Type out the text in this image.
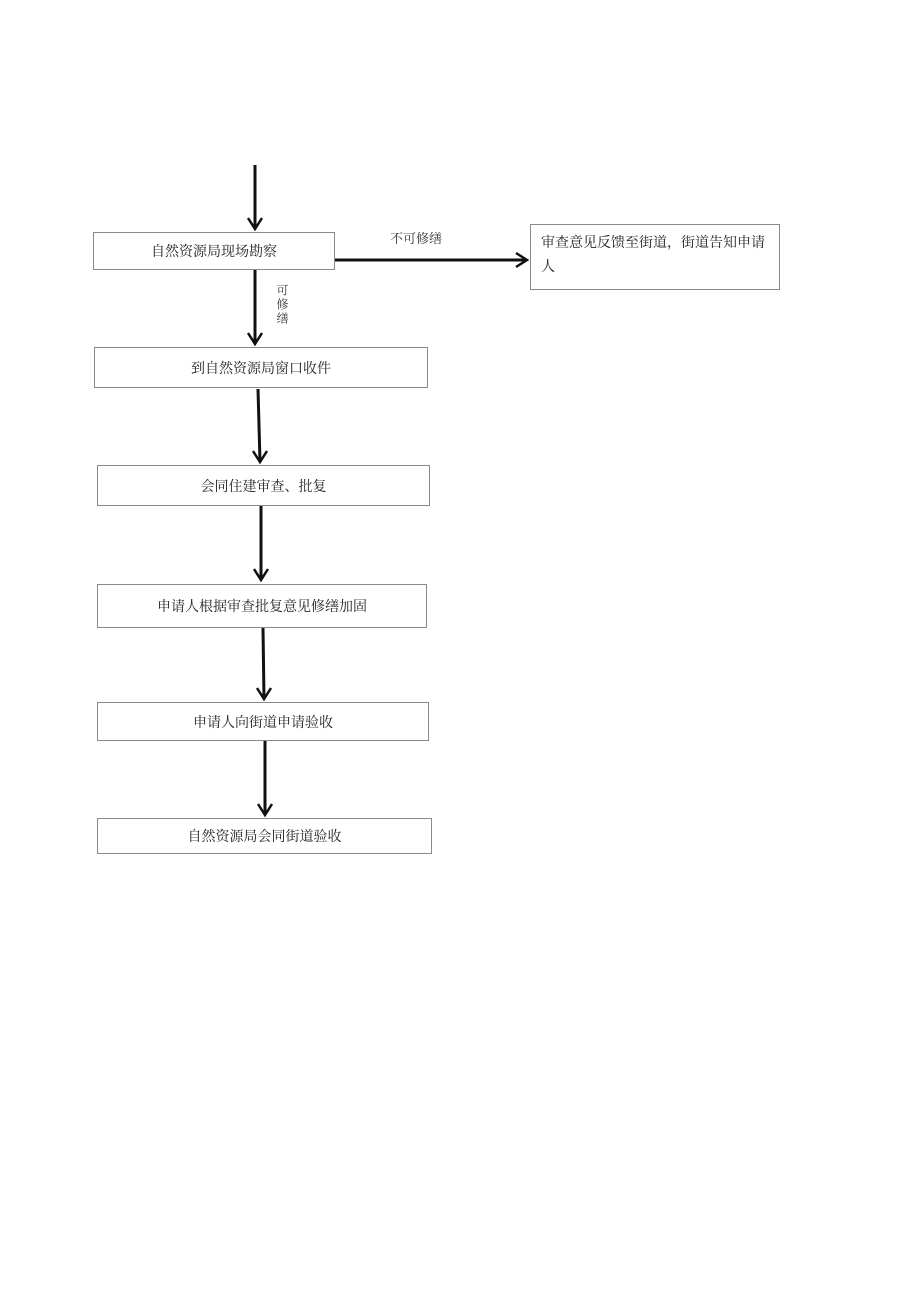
自然资源局现场勘察
不可修缮	审查意见反馈至街道，街道告知申请人
可修缮
到自然资源局窗口收件
会同住建审查、批复
申请人根据审查批复意见修缮加固
申请人向街道申请验收
自然资源局会同街道验收
